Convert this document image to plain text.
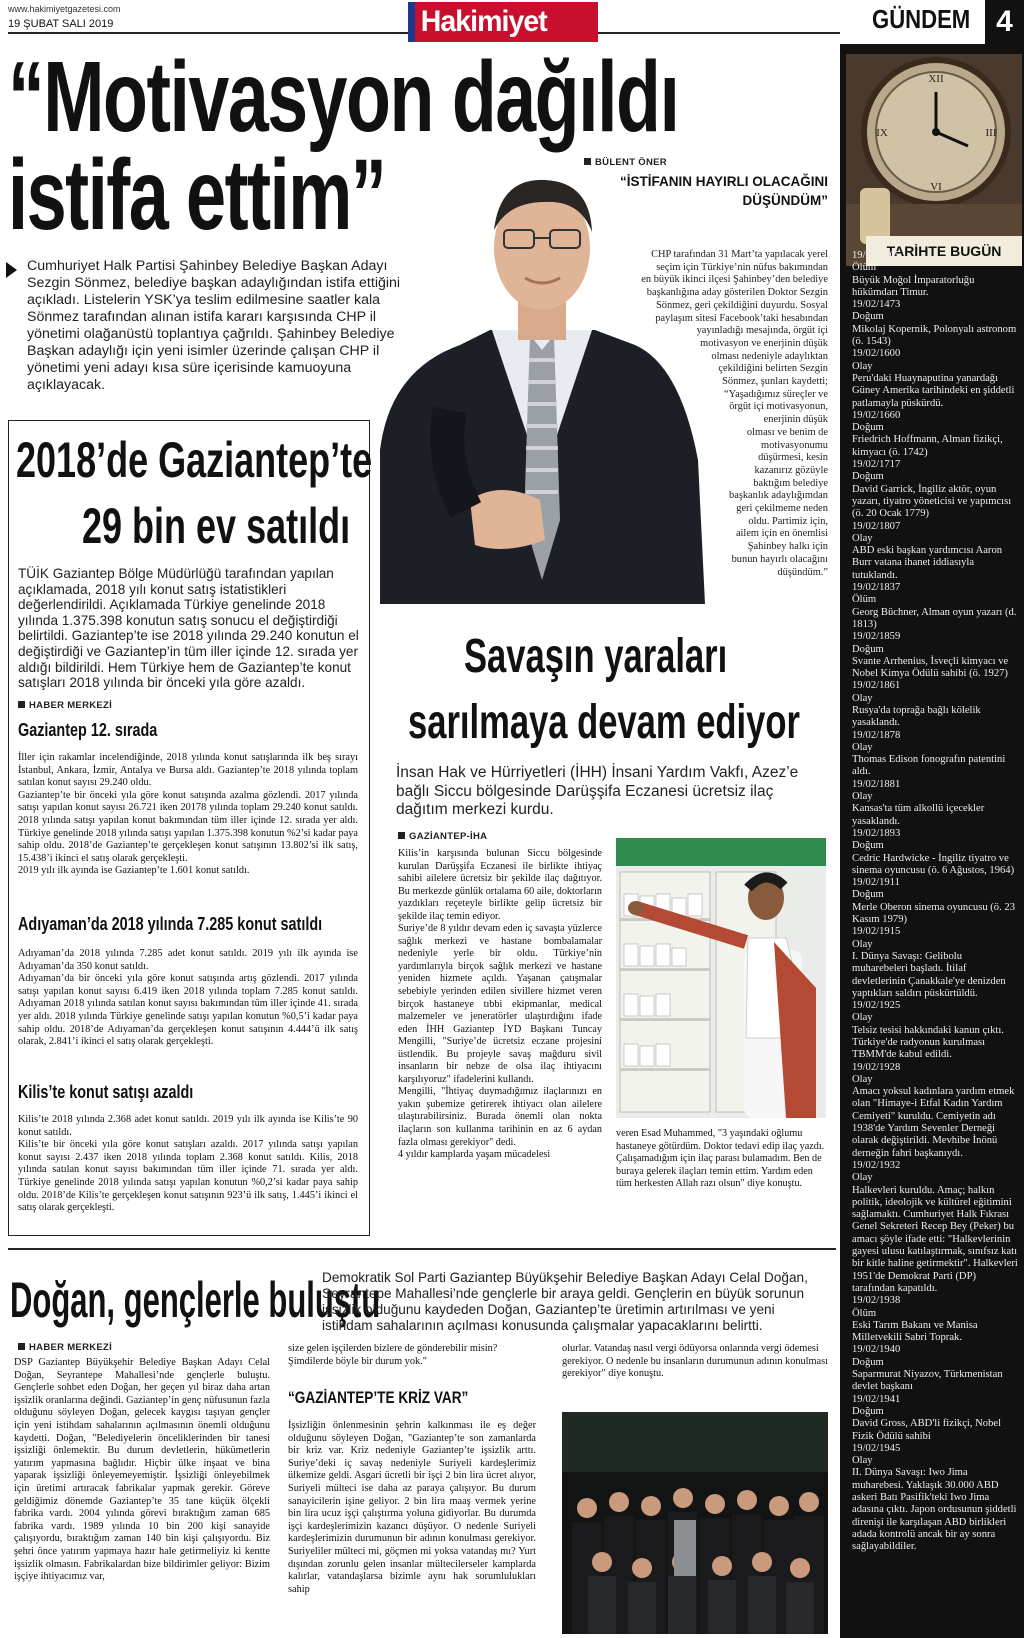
www.hakimiyetgazetesi.com
19 ŞUBAT SALI 2019	Hakimiyet	GÜNDEM 4
“Motivasyon dağıldı
istifa ettim”	BÜLENT ÖNER
“İSTİFANIN HAYIRLI OLACAĞINI
DÜŞÜNDÜM”
Cumhuriyet Halk Partisi Şahinbey Belediye Başkan Adayı Sezgin Sönmez, belediye başkan adaylığından istifa ettiğini açıkladı. Listelerin YSK’ya teslim edilmesine saatler kala Sönmez tarafından alınan istifa kararı karşısında CHP il yönetimi olağanüstü toplantıya çağrıldı. Şahinbey Belediye Başkan adaylığı için yeni isimler üzerinde çalışan CHP il yönetimi yeni adayı kısa süre içerisinde kamuoyuna açıklayacak.
CHP tarafından 31 Mart’ta yapılacak yerel
seçim için Türkiye’nin nüfus bakımından
en büyük ikinci ilçesi Şahinbey’den belediye
başkanlığına aday gösterilen Doktor Sezgin
Sönmez, geri çekildiğini duyurdu. Sosyal
paylaşım sitesi Facebook’taki hesabından
yayınladığı mesajında, örgüt içi
motivasyon ve enerjinin düşük
olması nedeniyle adaylıktan
çekildiğini belirten Sezgin
Sönmez, şunları kaydetti;
“Yaşadığımız süreçler ve
örgüt içi motivasyonun,
enerjinin düşük
olması ve benim de
motivasyonumu
düşürmesi, kesin
kazanırız gözüyle
baktığım belediye
başkanlık adaylığımdan
geri çekilmeme neden
oldu. Partimiz için,
ailem için en önemlisi
Şahinbey halkı için
bunun hayırlı olacağını
düşündüm.”
XII
III
VI
IX
TARİHTE BUGÜN
19/02/1405
Ölüm
Büyük Moğol İmparatorluğu hükümdarı Timur.
19/02/1473
Doğum
Mikolaj Kopernik, Polonyalı astronom (ö. 1543)
19/02/1600
Olay
Peru'daki Huaynaputina yanardağı Güney Amerika tarihindeki en şiddetli patlamayla püskürdü.
19/02/1660
Doğum
Friedrich Hoffmann, Alman fizikçi, kimyacı (ö. 1742)
19/02/1717
Doğum
David Garrick, İngiliz aktör, oyun yazarı, tiyatro yöneticisi ve yapımcısı (ö. 20 Ocak 1779)
19/02/1807
Olay
ABD eski başkan yardımcısı Aaron Burr vatana ihanet iddiasıyla tutuklandı.
19/02/1837
Ölüm
Georg Büchner, Alman oyun yazarı (d. 1813)
19/02/1859
Doğum
Svante Arrhenius, İsveçli kimyacı ve Nobel Kimya Ödülü sahibi (ö. 1927)
19/02/1861
Olay
Rusya'da toprağa bağlı kölelik yasaklandı.
19/02/1878
Olay
Thomas Edison fonografın patentini aldı.
19/02/1881
Olay
Kansas'ta tüm alkollü içecekler yasaklandı.
19/02/1893
Doğum
Cedric Hardwicke - İngiliz tiyatro ve sinema oyuncusu (ö. 6 Ağustos, 1964)
19/02/1911
Doğum
Merle Oberon sinema oyuncusu (ö. 23 Kasım 1979)
19/02/1915
Olay
I. Dünya Savaşı: Gelibolu muharebeleri başladı. İtilaf devletlerinin Çanakkale'ye denizden yaptıkları saldırı püskürtüldü.
19/02/1925
Olay
Telsiz tesisi hakkındaki kanun çıktı. Türkiye'de radyonun kurulması TBMM'de kabul edildi.
19/02/1928
Olay
Amacı yoksul kadınlara yardım etmek olan "Himaye-i Etfal Kadın Yardım Cemiyeti" kuruldu. Cemiyetin adı 1938'de Yardım Sevenler Derneği olarak değiştirildi. Mevhibe İnönü derneğin fahri başkanıydı.
19/02/1932
Olay
Halkevleri kuruldu. Amaç; halkın politik, ideolojik ve kültürel eğitimini sağlamaktı. Cumhuriyet Halk Fıkrası Genel Sekreteri Recep Bey (Peker) bu amacı şöyle ifade etti: "Halkevlerinin gayesi ulusu katılaştırmak, sınıfsız katı bir kitle haline getirmektir". Halkevleri 1951'de Demokrat Parti (DP) tarafından kapatıldı.
19/02/1938
Ölüm
Eski Tarım Bakanı ve Manisa Milletvekili Sabri Toprak.
19/02/1940
Doğum
Saparmurat Niyazov, Türkmenistan devlet başkanı
19/02/1941
Doğum
David Gross, ABD'li fizikçi, Nobel Fizik Ödülü sahibi
19/02/1945
Olay
II. Dünya Savaşı: Iwo Jima muharebesi. Yaklaşık 30.000 ABD askeri Batı Pasifik'teki Iwo Jima adasına çıktı. Japon ordusunun şiddetli direnişi ile karşılaşan ABD birlikleri adada kontrolü ancak bir ay sonra sağlayabildiler.
2018’de Gaziantep’te
29 bin ev satıldı
TÜİK Gaziantep Bölge Müdürlüğü tarafından yapılan açıklamada, 2018 yılı konut satış istatistikleri değerlendirildi. Açıklamada Türkiye genelinde 2018 yılında 1.375.398 konutun satış sonucu el değiştirdiği belirtildi. Gaziantep’te ise 2018 yılında 29.240 konutun el değiştirdiği ve Gaziantep’in tüm iller içinde 12. sırada yer aldığı bildirildi. Hem Türkiye hem de Gaziantep’te konut satışları 2018 yılında bir önceki yıla göre azaldı.
HABER MERKEZİ
Gaziantep 12. sırada
İller için rakamlar incelendiğinde, 2018 yılında konut satışlarında ilk beş sırayı İstanbul, Ankara, İzmir, Antalya ve Bursa aldı. Gaziantep’te 2018 yılında toplam satılan konut sayısı 29.240 oldu.
Gaziantep’te bir önceki yıla göre konut satışında azalma gözlendi. 2017 yılında satışı yapılan konut sayısı 26.721 iken 20178 yılında toplam 29.240 konut satıldı. 2018 yılında satışı yapılan konut bakımından tüm iller içinde 12. sırada yer aldı. Türkiye genelinde 2018 yılında satışı yapılan 1.375.398 konutun %2’si kadar paya sahip oldu. 2018’de Gaziantep’te gerçekleşen konut satışının 13.802’si ilk satış, 15.438’i ikinci el satış olarak gerçekleşti.
2019 yılı ilk ayında ise Gaziantep’te 1.601 konut satıldı.
Adıyaman’da 2018 yılında 7.285 konut satıldı
Adıyaman’da 2018 yılında 7.285 adet konut satıldı. 2019 yılı ilk ayında ise Adıyaman’da 350 konut satıldı.
Adıyaman’da bir önceki yıla göre konut satışında artış gözlendi. 2017 yılında satışı yapılan konut sayısı 6.419 iken 2018 yılında toplam 7.285 konut satıldı. Adıyaman 2018 yılında satılan konut sayısı bakımından tüm iller içinde 41. sırada yer aldı. 2018 yılında Türkiye genelinde satışı yapılan konutun %0,5’i kadar paya sahip oldu. 2018’de Adıyaman’da gerçekleşen konut satışının 4.444’ü ilk satış olarak, 2.841’i ikinci el satış olarak gerçekleşti.
Kilis’te konut satışı azaldı
Kilis’te 2018 yılında 2.368 adet konut satıldı. 2019 yılı ilk ayında ise Kilis’te 90 konut satıldı.
Kilis’te bir önceki yıla göre konut satışları azaldı. 2017 yılında satışı yapılan konut sayısı 2.437 iken 2018 yılında toplam 2.368 konut satıldı. Kilis, 2018 yılında satılan konut sayısı bakımından tüm iller içinde 71. sırada yer aldı. Türkiye genelinde 2018 yılında satışı yapılan konutun %0,2’si kadar paya sahip oldu. 2018’de Kilis’te gerçekleşen konut satışının 923’ü ilk satış, 1.445’i ikinci el satış olarak gerçekleşti.
Savaşın yaraları
sarılmaya devam ediyor
İnsan Hak ve Hürriyetleri (İHH) İnsani Yardım Vakfı, Azez’e bağlı Siccu bölgesinde Darüşşifa Eczanesi ücretsiz ilaç dağıtım merkezi kurdu.
GAZİANTEP-İHA
Kilis’in karşısında bulunan Siccu bölgesinde kurulan Darüşşifa Eczanesi ile birlikte ihtiyaç sahibi ailelere ücretsiz bir şekilde ilaç dağıtıyor. Bu merkezde günlük ortalama 60 aile, doktorların yazdıkları reçeteyle birlikte gelip ücretsiz bir şekilde ilaç temin ediyor.
Suriye’de 8 yıldır devam eden iç savaşta yüzlerce sağlık merkezi ve hastane bombalamalar nedeniyle yerle bir oldu. Türkiye’nin yardımlarıyla birçok sağlık merkezi ve hastane yeniden hizmete açıldı. Yaşanan çatışmalar sebebiyle yerinden edilen sivillere hizmet veren birçok hastaneye tıbbi ekipmanlar, medical malzemeler ve jeneratörler ulaştırdığını ifade eden İHH Gaziantep İYD Başkanı Tuncay Mengilli, "Suriye’de ücretsiz eczane projesini üstlendik. Bu projeyle savaş mağduru sivil insanların bir nebze de olsa ilaç ihtiyacını karşılıyoruz" ifadelerini kullandı.
Mengilli, "İhtiyaç duymadığımız ilaçlarınızı en yakın şubemize getirerek ihtiyacı olan ailelere ulaştırabilirsiniz. Burada önemli olan nokta ilaçların son kullanma tarihinin en az 6 aydan fazla olması gerekiyor" dedi.
4 yıldır kamplarda yaşam mücadelesi
veren Esad Muhammed, "3 yaşındaki oğlumu hastaneye götürdüm. Doktor tedavi edip ilaç yazdı. Çalışamadığım için ilaç parası bulamadım. Ben de buraya gelerek ilaçları temin ettim. Yardım eden tüm herkesten Allah razı olsun" diye konuştu.
Doğan, gençlerle buluştu
Demokratik Sol Parti Gaziantep Büyükşehir Belediye Başkan Adayı Celal Doğan, Seyrantepe Mahallesi’nde gençlerle bir araya geldi. Gençlerin en büyük sorunun işsizlik olduğunu kaydeden Doğan, Gaziantep’te üretimin artırılması ve yeni istihdam sahalarının açılması konusunda çalışmalar yapacaklarını belirtti.
HABER MERKEZİ
DSP Gaziantep Büyükşehir Belediye Başkan Adayı Celal Doğan, Seyrantepe Mahallesi’nde gençlerle buluştu. Gençlerle sohbet eden Doğan, her geçen yıl biraz daha artan işsizlik oranlarına değindi. Gaziantep’in genç nüfusunun fazla olduğunu söyleyen Doğan, gelecek kaygısı taşıyan gençler için yeni istihdam sahalarının açılmasının önemli olduğunu kaydetti. Doğan, "Belediyelerin önceliklerinden bir tanesi işsizliği önlemektir. Bu durum devletlerin, hükümetlerin yatırım yapmasına bağlıdır. Hiçbir ülke inşaat ve bina yaparak işsizliği önleyemeyemiştir. İşsizliği önleyebilmek için üretimi artıracak fabrikalar yapmak gerekir. Göreve geldiğimiz dönemde Gaziantep’te 35 tane küçük ölçekli fabrika vardı. 2004 yılında görevi bıraktığım zaman 685 fabrika vardı. 1989 yılında 10 bin 200 kişi sanayide çalışıyordu, bıraktığım zaman 140 bin kişi çalışıyordu. Biz şehri önce yatırım yapmaya hazır hale getirmeliyiz ki kentte işsizlik olmasın. Fabrikalardan bize bildirimler geliyor: Bizim işçiye ihtiyacımız var,
size gelen işçilerden bizlere de gönderebilir misin? Şimdilerde böyle bir durum yok."
“GAZİANTEP’TE KRİZ VAR”
İşsizliğin önlenmesinin şehrin kalkınması ile eş değer olduğunu söyleyen Doğan, "Gaziantep’te son zamanlarda bir kriz var. Kriz nedeniyle Gaziantep’te işsizlik arttı. Suriye’deki iç savaş nedeniyle Suriyeli kardeşlerimiz ülkemize geldi. Asgari ücretli bir işçi 2 bin lira ücret alıyor, Suriyeli mülteci ise daha az paraya çalışıyor. Bu durum sanayicilerin işine geliyor. 2 bin lira maaş vermek yerine bin lira ucuz işçi çalıştırma yoluna gidiyorlar. Bu durumda işçi kardeşlerimizin kazancı düşüyor. O nedenle Suriyeli kardeşlerimizin durumunun bir adının konulması gerekiyor. Suriyeliler mülteci mi, göçmen mi yoksa vatandaş mı? Yurt dışından zorunlu gelen insanlar mültecilerseler kamplarda kalırlar, vatandaşlarsa bizimle aynı hak sorumlulukları sahip
olurlar. Vatandaş nasıl vergi ödüyorsa onlarında vergi ödemesi gerekiyor. O nedenle bu insanların durumunun adının konulması gerekiyor" diye konuştu.
